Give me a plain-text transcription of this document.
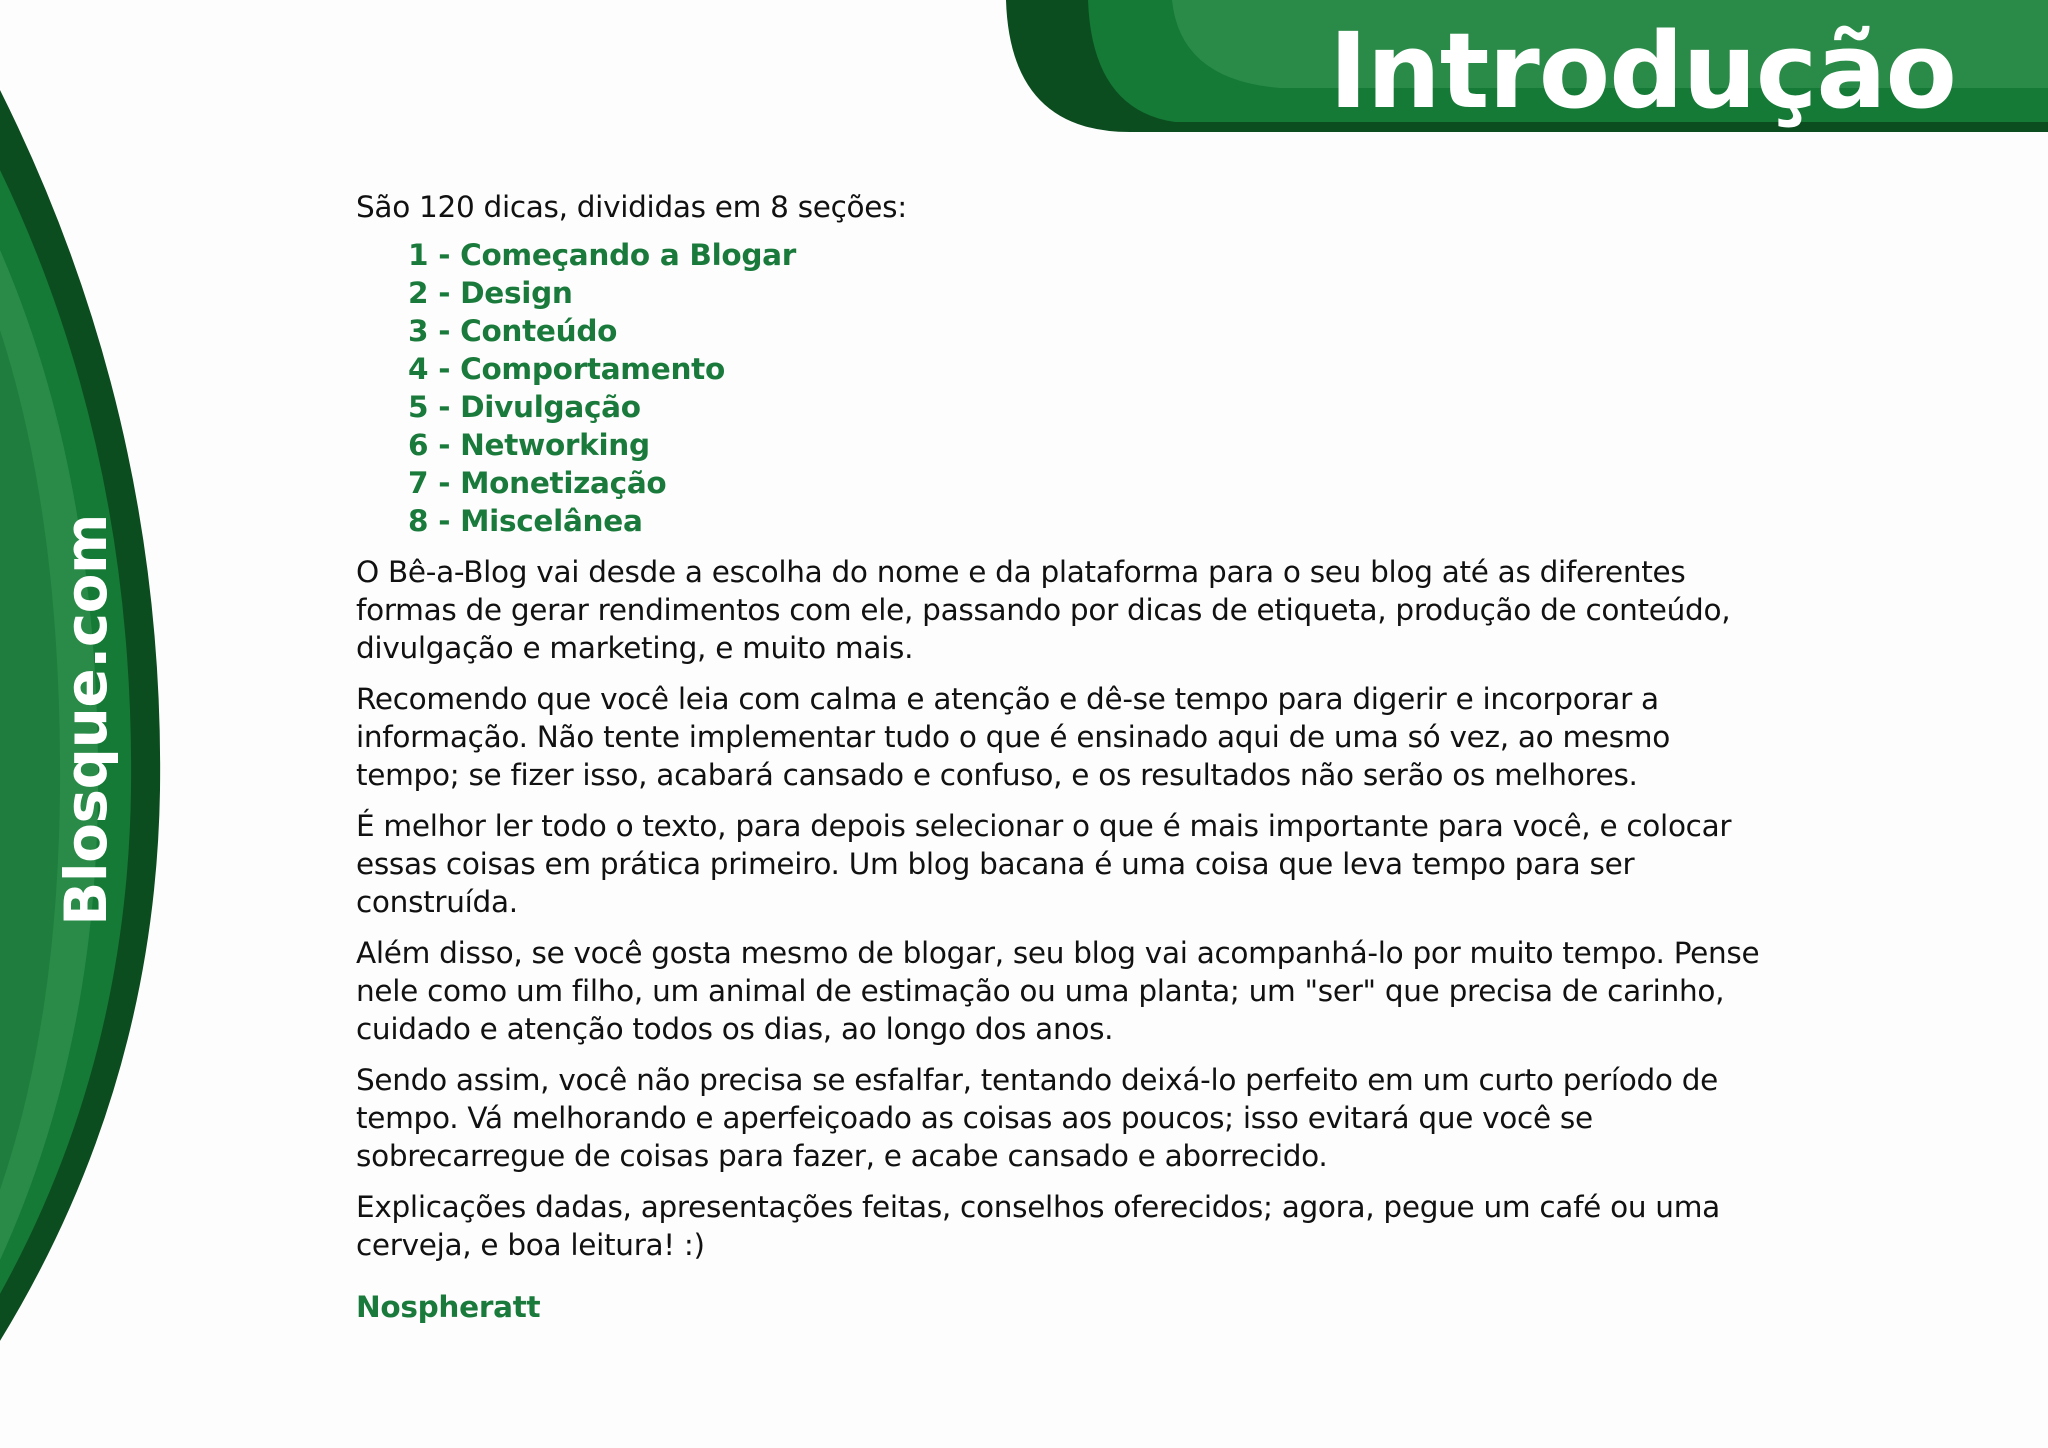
Introdução
Blosque.com

São 120 dicas, divididas em 8 seções:

1 - Começando a Blogar
2 - Design
3 - Conteúdo
4 - Comportamento
5 - Divulgação
6 - Networking
7 - Monetização
8 - Miscelânea

O Bê-a-Blog vai desde a escolha do nome e da plataforma para o seu blog até as diferentes formas de gerar rendimentos com ele, passando por dicas de etiqueta, produção de conteúdo, divulgação e marketing, e muito mais.

Recomendo que você leia com calma e atenção e dê-se tempo para digerir e incorporar a informação. Não tente implementar tudo o que é ensinado aqui de uma só vez, ao mesmo tempo; se fizer isso, acabará cansado e confuso, e os resultados não serão os melhores.

É melhor ler todo o texto, para depois selecionar o que é mais importante para você, e colocar essas coisas em prática primeiro. Um blog bacana é uma coisa que leva tempo para ser construída.

Além disso, se você gosta mesmo de blogar, seu blog vai acompanhá-lo por muito tempo. Pense nele como um filho, um animal de estimação ou uma planta; um "ser" que precisa de carinho, cuidado e atenção todos os dias, ao longo dos anos.

Sendo assim, você não precisa se esfalfar, tentando deixá-lo perfeito em um curto período de tempo. Vá melhorando e aperfeiçoado as coisas aos poucos; isso evitará que você se sobrecarregue de coisas para fazer, e acabe cansado e aborrecido.

Explicações dadas, apresentações feitas, conselhos oferecidos; agora, pegue um café ou uma cerveja, e boa leitura! :)

Nospheratt
